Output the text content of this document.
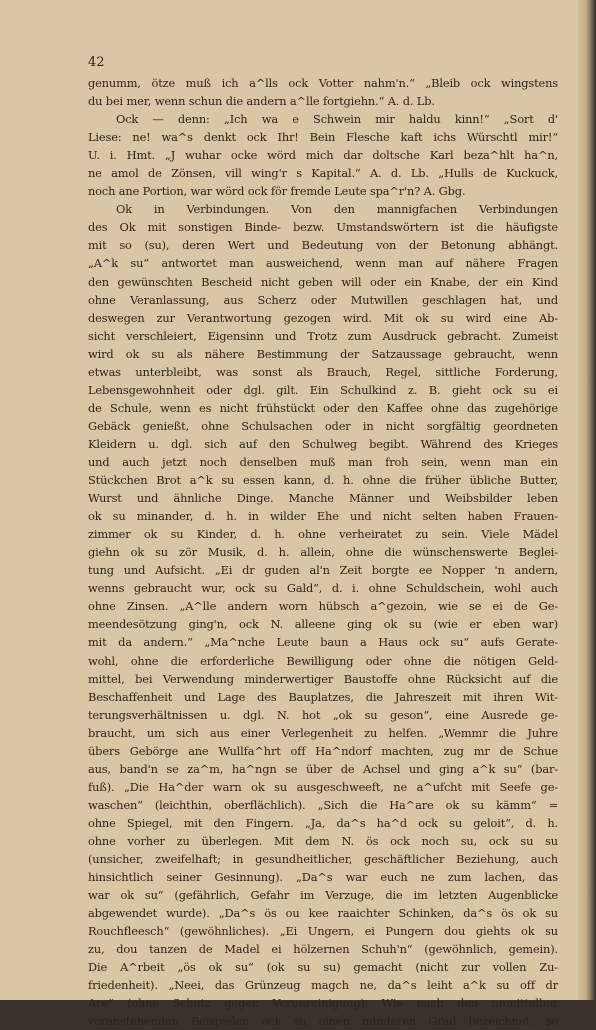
42
genumm, ötze muß ich a^lls ock Votter nahm'n.“ „Bleib ock wingstens
du bei mer, wenn schun die andern a^lle fortgiehn.“ A. d. Lb.
Ock — denn: „Ich wa e Schwein mir haldu kinn!“ „Sort d'
Liese: ne! wa^s denkt ock Ihr! Bein Flesche kaft ichs Würschtl mir!“
U. i. Hmt. „J wuhar ocke wörd mich dar doltsche Karl beza^hlt ha^n,
ne amol de Zönsen, vill wing'r s Kapital.“ A. d. Lb. „Hulls de Kuckuck,
noch ane Portion, war wörd ock för fremde Leute spa^r'n? A. Gbg.
Ok in Verbindungen. Von den mannigfachen Verbindungen
des Ok mit sonstigen Binde- bezw. Umstandswörtern ist die häufigste
mit so (su), deren Wert und Bedeutung von der Betonung abhängt.
„A^k su“ antwortet man ausweichend, wenn man auf nähere Fragen
den gewünschten Bescheid nicht geben will oder ein Knabe, der ein Kind
ohne Veranlassung, aus Scherz oder Mutwillen geschlagen hat, und
deswegen zur Verantwortung gezogen wird. Mit ok su wird eine Ab-
sicht verschleiert, Eigensinn und Trotz zum Ausdruck gebracht. Zumeist
wird ok su als nähere Bestimmung der Satzaussage gebraucht, wenn
etwas unterbleibt, was sonst als Brauch, Regel, sittliche Forderung,
Lebensgewohnheit oder dgl. gilt. Ein Schulkind z. B. gieht ock su ei
de Schule, wenn es nicht frühstückt oder den Kaffee ohne das zugehörige
Gebäck genießt, ohne Schulsachen oder in nicht sorgfältig geordneten
Kleidern u. dgl. sich auf den Schulweg begibt. Während des Krieges
und auch jetzt noch denselben muß man froh sein, wenn man ein
Stückchen Brot a^k su essen kann, d. h. ohne die früher übliche Butter,
Wurst und ähnliche Dinge. Manche Männer und Weibsbilder leben
ok su minander, d. h. in wilder Ehe und nicht selten haben Frauen-
zimmer ok su Kinder, d. h. ohne verheiratet zu sein. Viele Mädel
giehn ok su zör Musik, d. h. allein, ohne die wünschenswerte Beglei-
tung und Aufsicht. „Ei dr guden al'n Zeit borgte ee Nopper 'n andern,
wenns gebraucht wur, ock su Gald“, d. i. ohne Schuldschein, wohl auch
ohne Zinsen. „A^lle andern worn hübsch a^gezoin, wie se ei de Ge-
meendesötzung ging'n, ock N. alleene ging ok su (wie er eben war)
mit da andern.“ „Ma^nche Leute baun a Haus ock su“ aufs Gerate-
wohl, ohne die erforderliche Bewilligung oder ohne die nötigen Geld-
mittel, bei Verwendung minderwertiger Baustoffe ohne Rücksicht auf die
Beschaffenheit und Lage des Bauplatzes, die Jahreszeit mit ihren Wit-
terungsverhältnissen u. dgl. N. hot „ok su geson“, eine Ausrede ge-
braucht, um sich aus einer Verlegenheit zu helfen. „Wemmr die Juhre
übers Gebörge ane Wullfa^hrt off Ha^ndorf machten, zug mr de Schue
aus, band'n se za^m, ha^ngn se über de Achsel und ging a^k su“ (bar-
fuß). „Die Ha^der warn ok su ausgeschweeft, ne a^ufcht mit Seefe ge-
waschen“ (leichthin, oberflächlich). „Sich die Ha^are ok su kämm“ =
ohne Spiegel, mit den Fingern. „Ja, da^s ha^d ock su geloit“, d. h.
ohne vorher zu überlegen. Mit dem N. ös ock noch su, ock su su
(unsicher, zweifelhaft; in gesundheitlicher, geschäftlicher Beziehung, auch
hinsichtlich seiner Gesinnung). „Da^s war euch ne zum lachen, das
war ok su“ (gefährlich, Gefahr im Verzuge, die im letzten Augenblicke
abgewendet wurde). „Da^s ös ou kee raaichter Schinken, da^s ös ok su
Rouchfleesch“ (gewöhnliches). „Ei Ungern, ei Pungern dou giehts ok su
zu, dou tanzen de Madel ei hölzernen Schuh'n“ (gewöhnlich, gemein).
Die A^rbeit „ös ok su“ (ok su su) gemacht (nicht zur vollen Zu-
friedenheit). „Neei, das Grünzeug magch ne, da^s leiht a^k su off dr
Are“ (ohne Schutz gegen Verunreinigung). Wie nach den unmittelbar
voranstehenden Beispielen ock su einen minderen Grad bezeichnet, so
